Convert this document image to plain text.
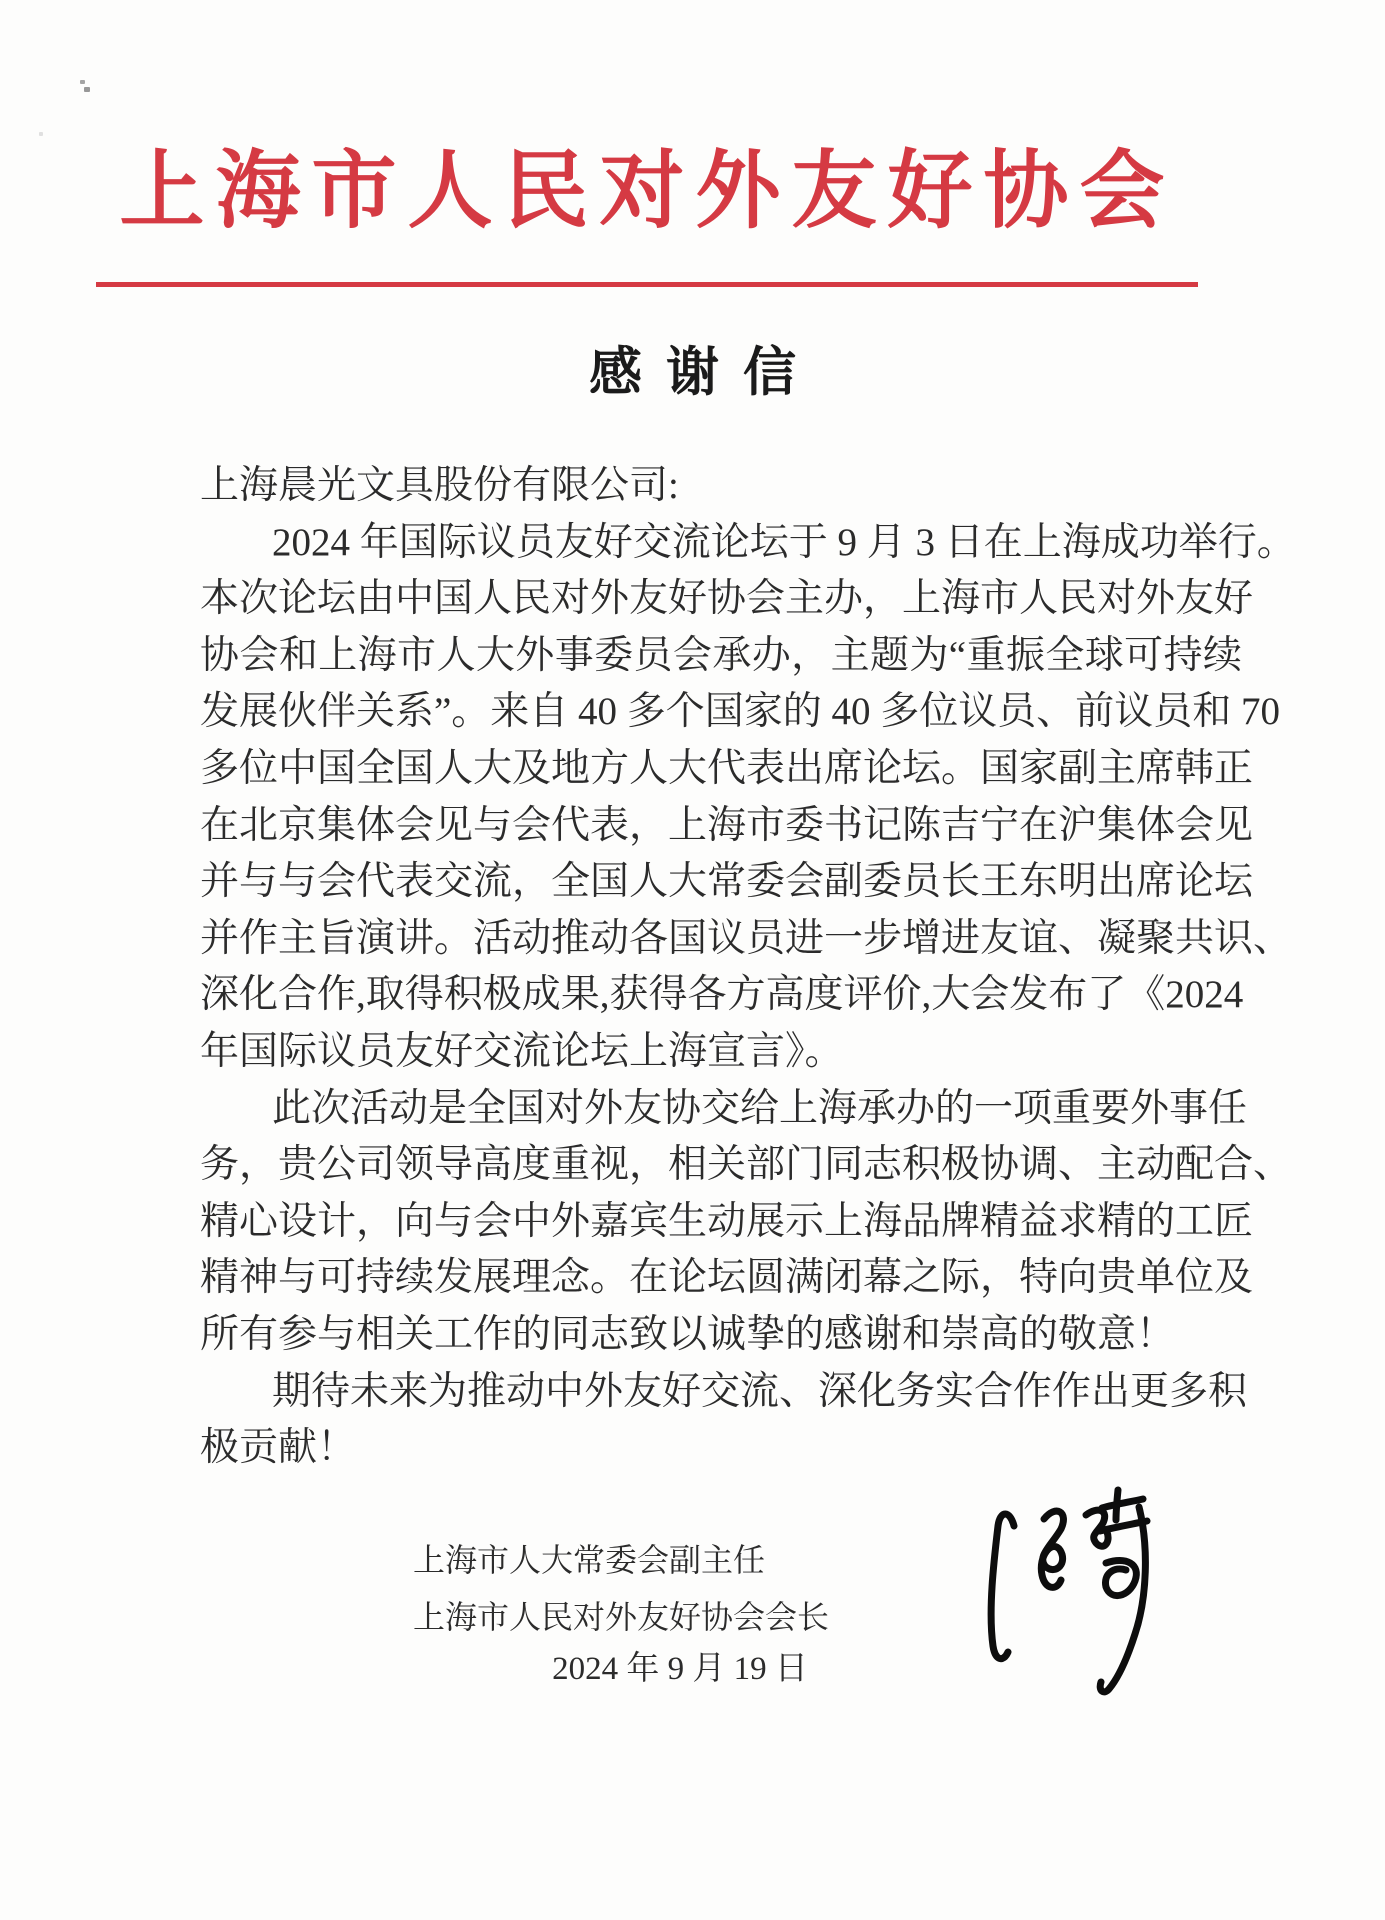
上海市人民对外友好协会
感谢信
上海晨光文具股份有限公司:
2024 年国际议员友好交流论坛于 9 月 3 日在上海成功举行。
本次论坛由中国人民对外友好协会主办，上海市人民对外友好
协会和上海市人大外事委员会承办，主题为“重振全球可持续
发展伙伴关系”。来自 40 多个国家的 40 多位议员、前议员和 70
多位中国全国人大及地方人大代表出席论坛。国家副主席韩正
在北京集体会见与会代表，上海市委书记陈吉宁在沪集体会见
并与与会代表交流，全国人大常委会副委员长王东明出席论坛
并作主旨演讲。活动推动各国议员进一步增进友谊、凝聚共识、
深化合作,取得积极成果,获得各方高度评价,大会发布了《2024
年国际议员友好交流论坛上海宣言》。
此次活动是全国对外友协交给上海承办的一项重要外事任
务，贵公司领导高度重视，相关部门同志积极协调、主动配合、
精心设计，向与会中外嘉宾生动展示上海品牌精益求精的工匠
精神与可持续发展理念。在论坛圆满闭幕之际，特向贵单位及
所有参与相关工作的同志致以诚挚的感谢和崇高的敬意！
期待未来为推动中外友好交流、深化务实合作作出更多积
极贡献！
上海市人大常委会副主任
上海市人民对外友好协会会长
2024 年 9 月 19 日
